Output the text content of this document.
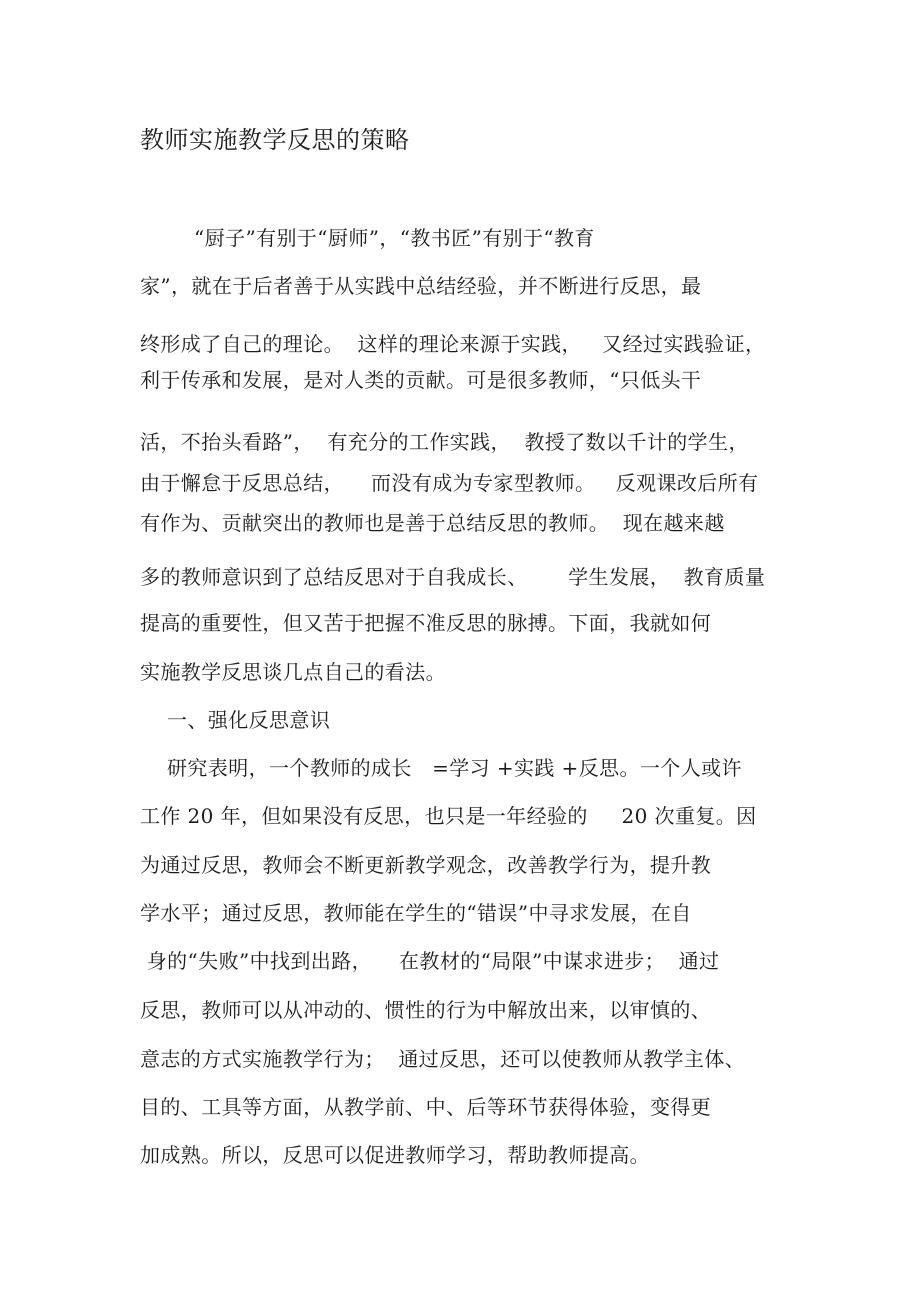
教师实施教学反思的策略
“厨子”有别于“厨师”，“教书匠”有别于“教育
家”，就在于后者善于从实践中总结经验，并不断进行反思，最
终形成了自己的理论。  这样的理论来源于实践，   又经过实践验证，
利于传承和发展，是对人类的贡献。可是很多教师，“只低头干
活，不抬头看路”，  有充分的工作实践，  教授了数以千计的学生，
由于懈怠于反思总结，    而没有成为专家型教师。   反观课改后所有
有作为、贡献突出的教师也是善于总结反思的教师。  现在越来越
多的教师意识到了总结反思对于自我成长、      学生发展，  教育质量
提高的重要性，但又苦于把握不准反思的脉搏。下面，我就如何
实施教学反思谈几点自己的看法。
一、强化反思意识
研究表明，一个教师的成长   =学习 +实践 +反思。一个人或许
工作 20 年，但如果没有反思，也只是一年经验的     20 次重复。因
为通过反思，教师会不断更新教学观念，改善教学行为，提升教
学水平；通过反思，教师能在学生的“错误”中寻求发展，在自
身的“失败”中找到出路，    在教材的“局限”中谋求进步；  通过
反思，教师可以从冲动的、惯性的行为中解放出来，以审慎的、
意志的方式实施教学行为；  通过反思，还可以使教师从教学主体、
目的、工具等方面，从教学前、中、后等环节获得体验，变得更
加成熟。所以，反思可以促进教师学习，帮助教师提高。
